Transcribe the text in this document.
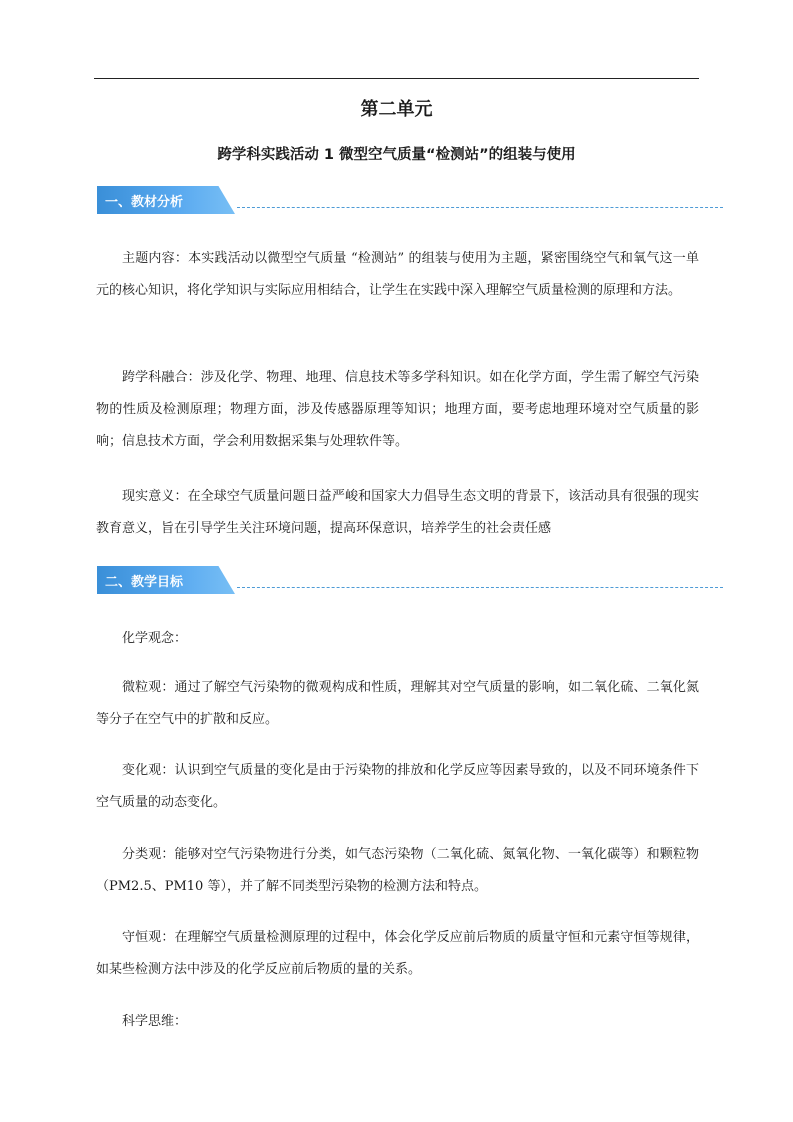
第二单元
跨学科实践活动 1 微型空气质量“检测站”的组装与使用
一、教材分析

主题内容：本实践活动以微型空气质量 “检测站” 的组装与使用为主题，紧密围绕空气和氧气这一单元的核心知识，将化学知识与实际应用相结合，让学生在实践中深入理解空气质量检测的原理和方法。

跨学科融合：涉及化学、物理、地理、信息技术等多学科知识。如在化学方面，学生需了解空气污染物的性质及检测原理；物理方面，涉及传感器原理等知识；地理方面，要考虑地理环境对空气质量的影响；信息技术方面，学会利用数据采集与处理软件等。

现实意义：在全球空气质量问题日益严峻和国家大力倡导生态文明的背景下，该活动具有很强的现实教育意义，旨在引导学生关注环境问题，提高环保意识，培养学生的社会责任感

二、教学目标

化学观念：

微粒观：通过了解空气污染物的微观构成和性质，理解其对空气质量的影响，如二氧化硫、二氧化氮等分子在空气中的扩散和反应。

变化观：认识到空气质量的变化是由于污染物的排放和化学反应等因素导致的，以及不同环境条件下空气质量的动态变化。

分类观：能够对空气污染物进行分类，如气态污染物（二氧化硫、氮氧化物、一氧化碳等）和颗粒物（PM2.5、PM10 等），并了解不同类型污染物的检测方法和特点。

守恒观：在理解空气质量检测原理的过程中，体会化学反应前后物质的质量守恒和元素守恒等规律，如某些检测方法中涉及的化学反应前后物质的量的关系。

科学思维：
